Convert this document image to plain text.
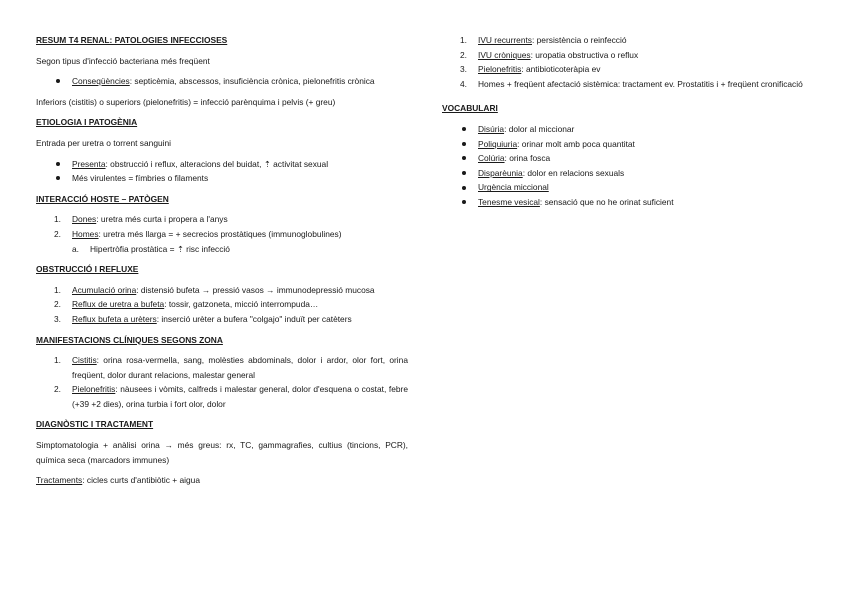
RESUM T4 RENAL: PATOLOGIES INFECCIOSES

Segon tipus d'infecció bacteriana més freqüent

Conseqüències: septicèmia, abscessos, insuficiència crònica, pielonefritis crònica

Inferiors (cistitis) o superiors (pielonefritis) = infecció parènquima i pelvis (+ greu)

ETIOLOGIA I PATOGÈNIA

Entrada per uretra o torrent sanguini

Presenta: obstrucció i reflux, alteracions del buidat, ⇡ activitat sexual
Més virulentes = fímbries o filaments
INTERACCIÓ HOSTE – PATÒGEN
1. Dones: uretra més curta i propera a l'anys
2. Homes: uretra més llarga = + secrecios prostàtiques (immunoglobulines)
a. Hipertròfia prostàtica = ⇡ risc infecció
OBSTRUCCIÓ I REFLUXE
1. Acumulació orina: distensió bufeta → pressió vasos → immunodepressió mucosa
2. Reflux de uretra a bufeta: tossir, gatzoneta, micció interrompuda…
3. Reflux bufeta a urèters: inserció urèter a bufera "colgajo" induït per catèters
MANIFESTACIONS CLÍNIQUES SEGONS ZONA
1. Cistitis: orina rosa-vermella, sang, molèsties abdominals, dolor i ardor, olor fort, orina freqüent, dolor durant relacions, malestar general
2. Pielonefritis: nàusees i vòmits, calfreds i malestar general, dolor d'esquena o costat, febre (+39 +2 dies), orina turbia i fort olor, dolor
DIAGNÒSTIC I TRACTAMENT

Simptomatologia + anàlisi orina → més greus: rx, TC, gammagrafies, cultius (tincions, PCR), química seca (marcadors immunes)

Tractaments: cicles curts d'antibiòtic + aigua

1. IVU recurrents: persistència o reinfecció
2. IVU cròniques: uropatia obstructiva o reflux
3. Pielonefritis: antibioticoteràpia ev
4. Homes + freqüent afectació sistèmica: tractament ev. Prostatitis i + freqüent cronificació
VOCABULARI
Disúria: dolor al miccionar
Poliquiuria: orinar molt amb poca quantitat
Colúria: orina fosca
Disparèunia: dolor en relacions sexuals
Urgència miccional
Tenesme vesical: sensació que no he orinat suficient
